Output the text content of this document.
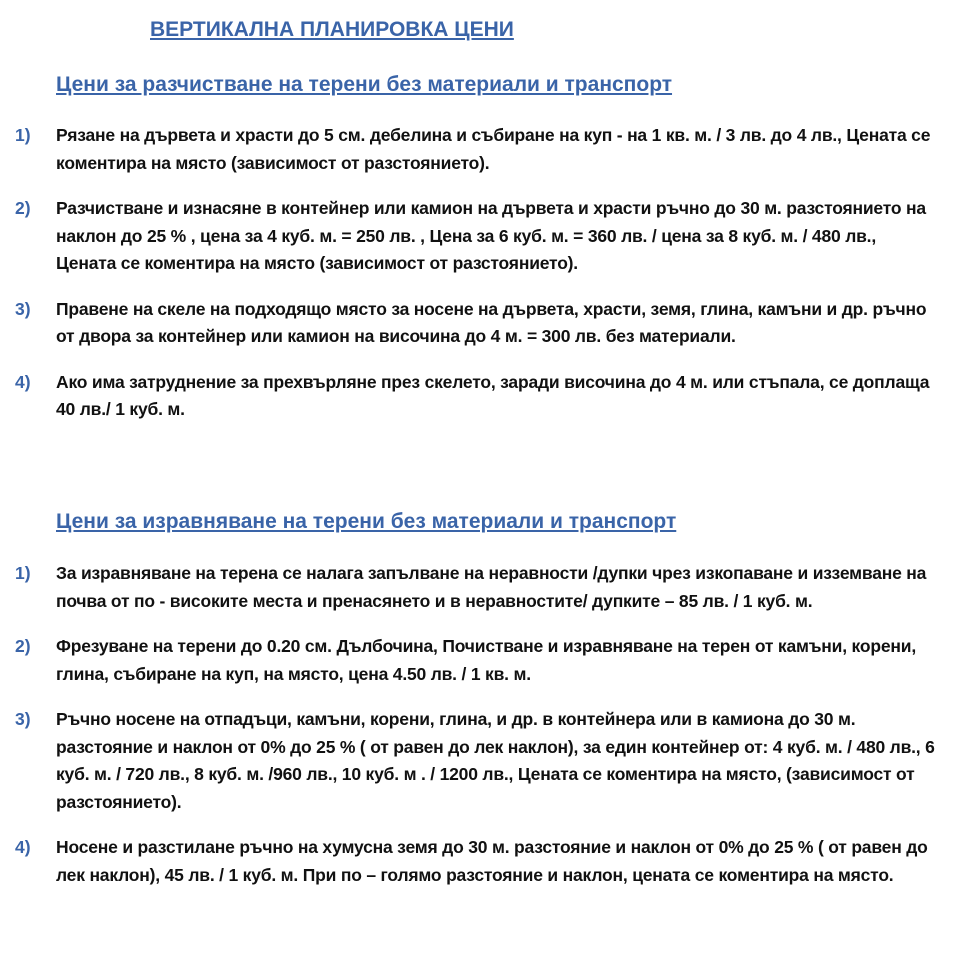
ВЕРТИКАЛНА ПЛАНИРОВКА ЦЕНИ
Цени за разчистване на терени без материали и транспорт
1) Рязане на дървета и храсти до 5 см. дебелина и събиране на куп - на 1 кв. м. / 3 лв. до 4 лв., Цената се коментира на място (зависимост от разстоянието).
2) Разчистване и изнасяне в контейнер или камион на дървета и храсти ръчно до 30 м. разстоянието на наклон до 25 % , цена за 4 куб. м. = 250 лв. , Цена за 6 куб. м. = 360 лв. / цена за 8 куб. м. / 480 лв., Цената се коментира на място (зависимост от разстоянието).
3) Правене на скеле на подходящо място за носене на дървета, храсти, земя, глина, камъни и др. ръчно от двора за контейнер или камион на височина до 4 м. = 300 лв. без материали.
4) Ако има затруднение за прехвърляне през скелето, заради височина до 4 м. или стъпала, се доплаща 40 лв./ 1 куб. м.
Цени за изравняване на терени без материали и транспорт
1) За изравняване на терена се налага запълване на неравности /дупки чрез изкопаване и изземване на почва от по - високите места и пренасянето и в неравностите/ дупките – 85 лв. / 1 куб. м.
2) Фрезуване на терени до 0.20 см. Дълбочина, Почистване и изравняване на терен от камъни, корени, глина, събиране на куп, на място, цена 4.50 лв. / 1 кв. м.
3) Ръчно носене на отпадъци, камъни, корени, глина, и др. в контейнера или в камиона до 30 м. разстояние и наклон от 0% до 25 % ( от равен до лек наклон), за един контейнер от: 4 куб. м. / 480 лв., 6 куб. м. / 720 лв., 8 куб. м. /960 лв., 10 куб. м . / 1200 лв., Цената се коментира на място, (зависимост от разстоянието).
4) Носене и разстилане ръчно на хумусна земя до 30 м. разстояние и наклон от 0% до 25 % ( от равен до лек наклон), 45 лв. / 1 куб. м. При по – голямо разстояние и наклон, цената се коментира на място.
